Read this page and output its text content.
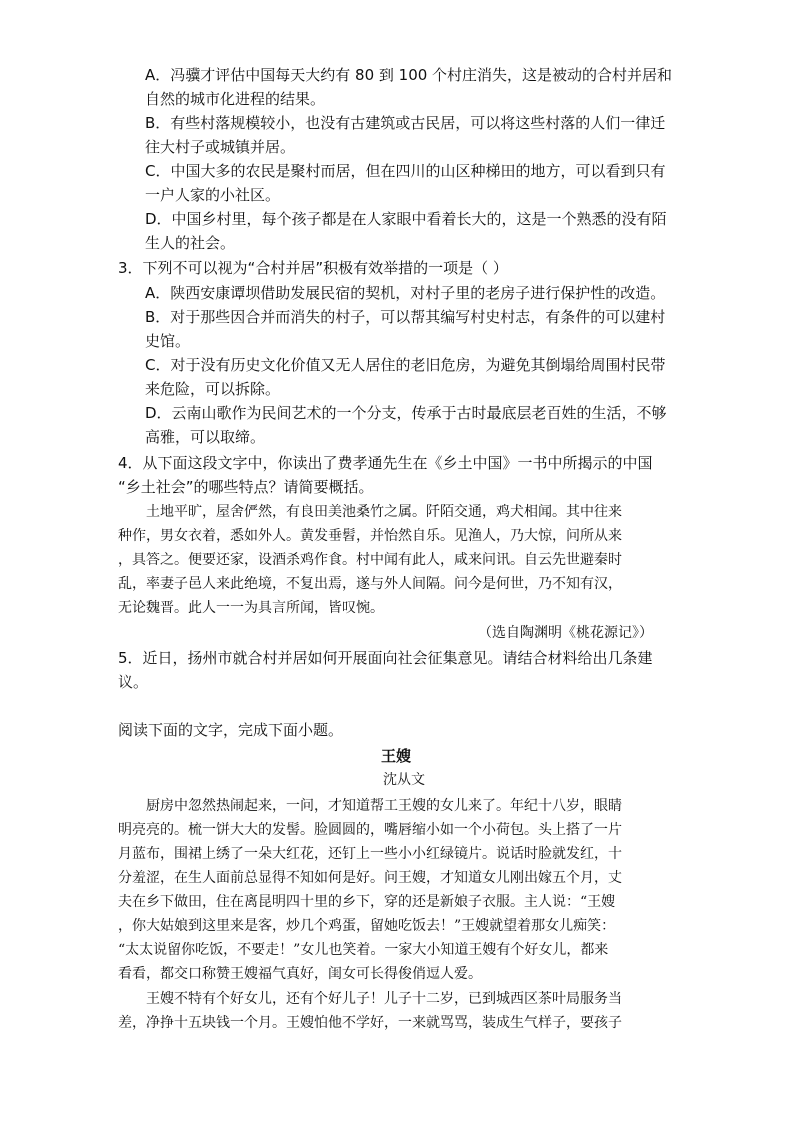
A．冯骥才评估中国每天大约有 80 到 100 个村庄消失，这是被动的合村并居和
自然的城市化进程的结果。
B．有些村落规模较小，也没有古建筑或古民居，可以将这些村落的人们一律迁
往大村子或城镇并居。
C．中国大多的农民是聚村而居，但在四川的山区种梯田的地方，可以看到只有
一户人家的小社区。
D．中国乡村里，每个孩子都是在人家眼中看着长大的，这是一个熟悉的没有陌
生人的社会。
3．下列不可以视为“合村并居”积极有效举措的一项是（ ）
A．陕西安康谭坝借助发展民宿的契机，对村子里的老房子进行保护性的改造。
B．对于那些因合并而消失的村子，可以帮其编写村史村志，有条件的可以建村
史馆。
C．对于没有历史文化价值又无人居住的老旧危房，为避免其倒塌给周围村民带
来危险，可以拆除。
D．云南山歌作为民间艺术的一个分支，传承于古时最底层老百姓的生活，不够
高雅，可以取缔。
4．从下面这段文字中，你读出了费孝通先生在《乡土中国》一书中所揭示的中国
“乡土社会”的哪些特点？请简要概括。
土地平旷，屋舍俨然，有良田美池桑竹之属。阡陌交通，鸡犬相闻。其中往来
种作，男女衣着，悉如外人。黄发垂髫，并怡然自乐。见渔人，乃大惊，问所从来
，具答之。便要还家，设酒杀鸡作食。村中闻有此人，咸来问讯。自云先世避秦时
乱，率妻子邑人来此绝境，不复出焉，遂与外人间隔。问今是何世，乃不知有汉，
无论魏晋。此人一一为具言所闻，皆叹惋。
（选自陶渊明《桃花源记》）
5．近日，扬州市就合村并居如何开展面向社会征集意见。请结合材料给出几条建
议。
阅读下面的文字，完成下面小题。
王嫂
沈从文
厨房中忽然热闹起来，一问，才知道帮工王嫂的女儿来了。年纪十八岁，眼睛
明亮亮的。梳一饼大大的发髻。脸圆圆的，嘴唇缩小如一个小荷包。头上搭了一片
月蓝布，围裙上绣了一朵大红花，还钉上一些小小红绿镜片。说话时脸就发红，十
分羞涩，在生人面前总显得不知如何是好。问王嫂，才知道女儿刚出嫁五个月，丈
夫在乡下做田，住在离昆明四十里的乡下，穿的还是新娘子衣服。主人说：“王嫂
，你大姑娘到这里来是客，炒几个鸡蛋，留她吃饭去！”王嫂就望着那女儿痴笑：
“太太说留你吃饭，不要走！”女儿也笑着。一家大小知道王嫂有个好女儿，都来
看看，都交口称赞王嫂福气真好，闺女可长得俊俏逗人爱。
王嫂不特有个好女儿，还有个好儿子！儿子十二岁，已到城西区茶叶局服务当
差，净挣十五块钱一个月。王嫂怕他不学好，一来就骂骂，装成生气样子，要孩子
